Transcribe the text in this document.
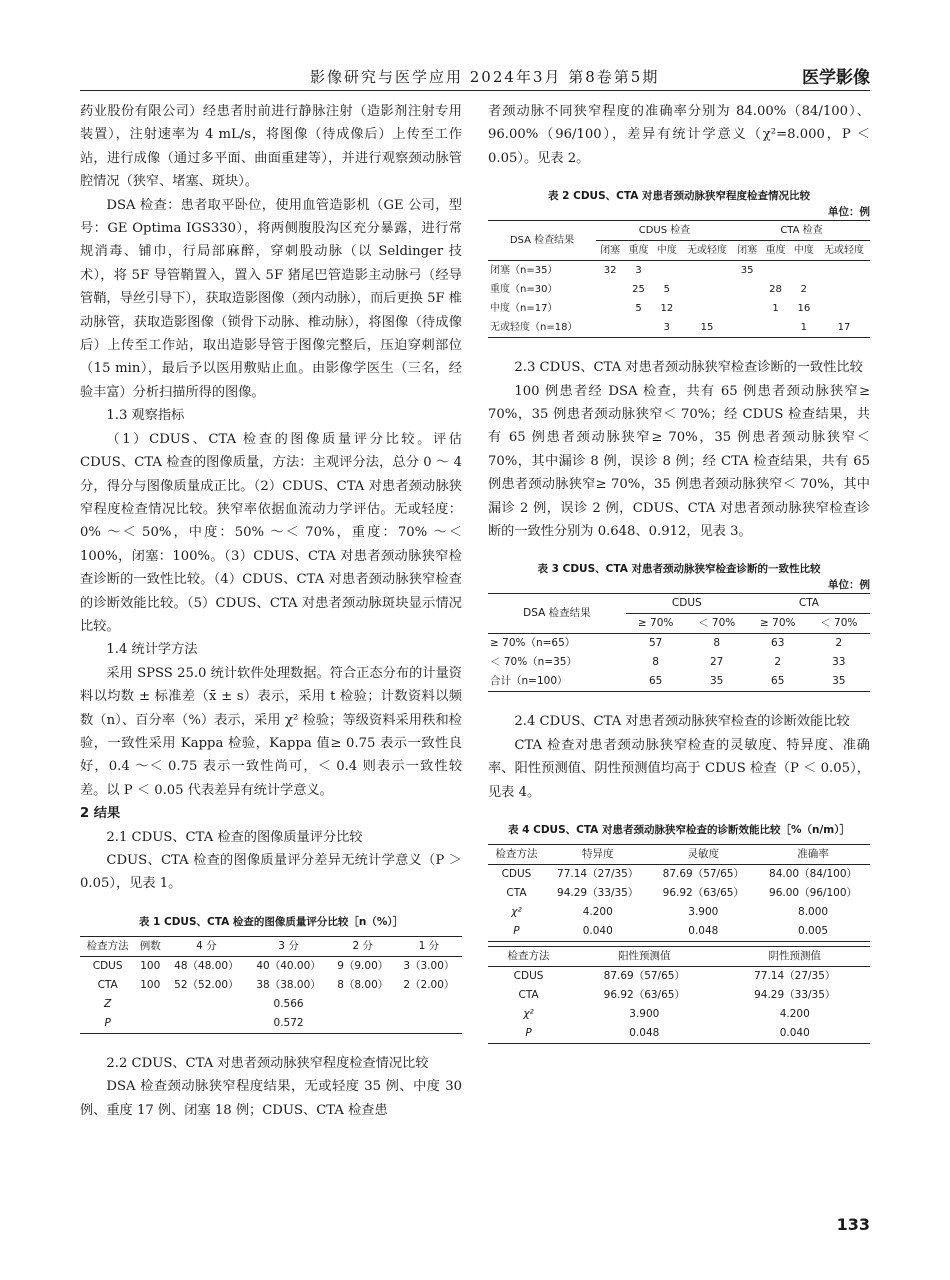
影像研究与医学应用 2024年3月 第8卷第5期	医学影像

药业股份有限公司）经患者肘前进行静脉注射（造影剂注射专用装置），注射速率为 4 mL/s，将图像（待成像后）上传至工作站，进行成像（通过多平面、曲面重建等），并进行观察颈动脉管腔情况（狭窄、堵塞、斑块）。

DSA 检查：患者取平卧位，使用血管造影机（GE 公司，型号：GE Optima IGS330），将两侧腹股沟区充分暴露，进行常规消毒、铺巾，行局部麻醉，穿刺股动脉（以 Seldinger 技术），将 5F 导管鞘置入，置入 5F 猪尾巴管造影主动脉弓（经导管鞘，导丝引导下），获取造影图像（颈内动脉），而后更换 5F 椎动脉管，获取造影图像（锁骨下动脉、椎动脉），将图像（待成像后）上传至工作站，取出造影导管于图像完整后，压迫穿刺部位（15 min），最后予以医用敷贴止血。由影像学医生（三名，经验丰富）分析扫描所得的图像。

1.3 观察指标

（1）CDUS、CTA 检查的图像质量评分比较。评估 CDUS、CTA 检查的图像质量，方法：主观评分法，总分 0 ～ 4 分，得分与图像质量成正比。（2）CDUS、CTA 对患者颈动脉狭窄程度检查情况比较。狭窄率依据血流动力学评估。无或轻度：0% ～＜ 50%，中度：50% ～＜ 70%，重度：70% ～＜ 100%，闭塞：100%。（3）CDUS、CTA 对患者颈动脉狭窄检查诊断的一致性比较。（4）CDUS、CTA 对患者颈动脉狭窄检查的诊断效能比较。（5）CDUS、CTA 对患者颈动脉斑块显示情况比较。

1.4 统计学方法

采用 SPSS 25.0 统计软件处理数据。符合正态分布的计量资料以均数 ± 标准差（x̄ ± s）表示，采用 t 检验；计数资料以频数（n）、百分率（%）表示，采用 χ² 检验；等级资料采用秩和检验，一致性采用 Kappa 检验，Kappa 值≥ 0.75 表示一致性良好，0.4 ～＜ 0.75 表示一致性尚可，＜ 0.4 则表示一致性较差。以 P ＜ 0.05 代表差异有统计学意义。

2 结果

2.1 CDUS、CTA 检查的图像质量评分比较

CDUS、CTA 检查的图像质量评分差异无统计学意义（P ＞ 0.05），见表 1。

表 1 CDUS、CTA 检查的图像质量评分比较［n（%）］
检查方法	例数	4 分	3 分	2 分	1 分
CDUS	100	48（48.00）	40（40.00）	9（9.00）	3（3.00）
CTA	100	52（52.00）	38（38.00）	8（8.00）	2（2.00）
Z			0.566		
P			0.572		

2.2 CDUS、CTA 对患者颈动脉狭窄程度检查情况比较

DSA 检查颈动脉狭窄程度结果，无或轻度 35 例、中度 30 例、重度 17 例、闭塞 18 例；CDUS、CTA 检查患

者颈动脉不同狭窄程度的准确率分别为 84.00%（84/100）、96.00%（96/100），差异有统计学意义（χ²=8.000，P ＜ 0.05）。见表 2。

表 2 CDUS、CTA 对患者颈动脉狭窄程度检查情况比较
单位：例
DSA 检查结果	CDUS 检查				CTA 检查			
	闭塞	重度	中度	无或轻度	闭塞	重度	中度	无或轻度
闭塞（n=35）	32	3			35			
重度（n=30）		25	5			28	2	
中度（n=17）		5	12			1	16	
无或轻度（n=18）			3	15			1	17

2.3 CDUS、CTA 对患者颈动脉狭窄检查诊断的一致性比较

100 例患者经 DSA 检查，共有 65 例患者颈动脉狭窄≥ 70%，35 例患者颈动脉狭窄＜ 70%；经 CDUS 检查结果，共有 65 例患者颈动脉狭窄≥ 70%，35 例患者颈动脉狭窄＜ 70%，其中漏诊 8 例，误诊 8 例；经 CTA 检查结果，共有 65 例患者颈动脉狭窄≥ 70%，35 例患者颈动脉狭窄＜ 70%，其中漏诊 2 例，误诊 2 例，CDUS、CTA 对患者颈动脉狭窄检查诊断的一致性分别为 0.648、0.912，见表 3。

表 3 CDUS、CTA 对患者颈动脉狭窄检查诊断的一致性比较
单位：例
DSA 检查结果	CDUS		CTA	
	≥ 70%	＜ 70%	≥ 70%	＜ 70%
≥ 70%（n=65）	57	8	63	2
＜ 70%（n=35）	8	27	2	33
合计（n=100）	65	35	65	35

2.4 CDUS、CTA 对患者颈动脉狭窄检查的诊断效能比较

CTA 检查对患者颈动脉狭窄检查的灵敏度、特异度、准确率、阳性预测值、阴性预测值均高于 CDUS 检查（P ＜ 0.05），见表 4。

表 4 CDUS、CTA 对患者颈动脉狭窄检查的诊断效能比较［%（n/m）］
检查方法	特异度	灵敏度	准确率
CDUS	77.14（27/35）	87.69（57/65）	84.00（84/100）
CTA	94.29（33/35）	96.92（63/65）	96.00（96/100）
χ²	4.200	3.900	8.000
P	0.040	0.048	0.005
检查方法	阳性预测值	阴性预测值
CDUS	87.69（57/65）	77.14（27/35）
CTA	96.92（63/65）	94.29（33/35）
χ²	3.900	4.200
P	0.048	0.040
133
